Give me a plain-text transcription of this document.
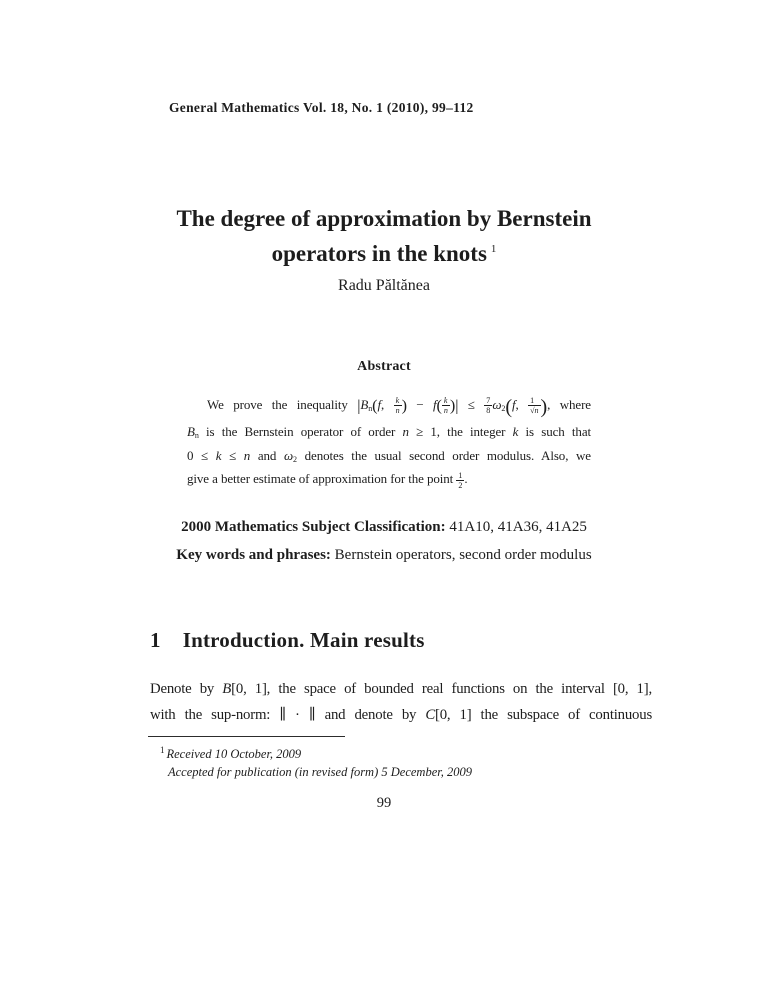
General Mathematics Vol. 18, No. 1 (2010), 99–112
The degree of approximation by Bernstein
operators in the knots $^1$
Radu Păltănea
Abstract
We prove the inequality $|B_n(f$, $\frac{k}{n}$ ) − $f( \frac{k}{n}$ )| ≤ $\frac{7}{8} \omega_2(f$, $\frac{1}{√n}$ ), where
$B_n$ is the Bernstein operator of order n ≥ 1, the integer k is such that
0 ≤ k ≤ n and $\omega_2$ denotes the usual second order modulus. Also, we
give a better estimate of approximation for the point $\frac{1}{2}$ .
2000 Mathematics Subject Classification: 41A10, 41A36, 41A25
Key words and phrases: Bernstein operators, second order modulus
1 Introduction. Main results
Denote by B[0, 1], the space of bounded real functions on the interval [0, 1],
with the sup-norm: ∥ · ∥ and denote by C[0, 1] the subspace of continuous
$^1$ Received 10 October, 2009
Accepted for publication (in revised form) 5 December, 2009
99
